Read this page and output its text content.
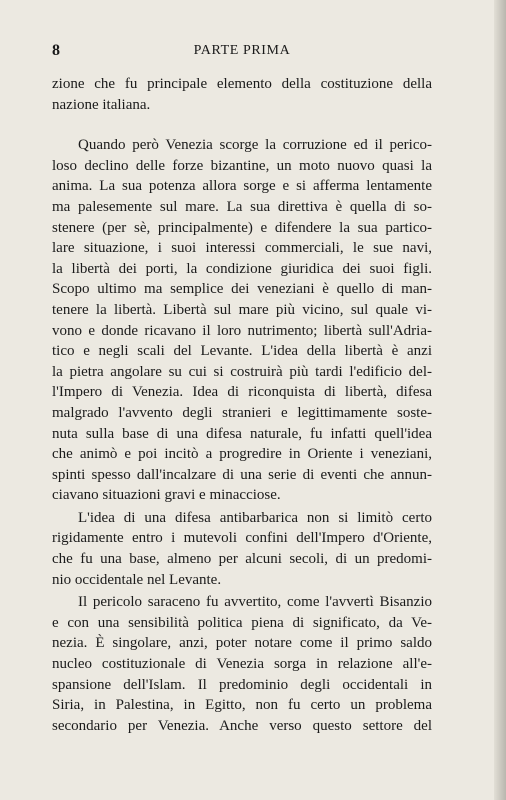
8	PARTE PRIMA
zione che fu principale elemento della costituzione della
nazione italiana.
Quando però Venezia scorge la corruzione ed il perico-
loso declino delle forze bizantine, un moto nuovo quasi la
anima. La sua potenza allora sorge e si afferma lentamente
ma palesemente sul mare. La sua direttiva è quella di so-
stenere (per sè, principalmente) e difendere la sua partico-
lare situazione, i suoi interessi commerciali, le sue navi,
la libertà dei porti, la condizione giuridica dei suoi figli.
Scopo ultimo ma semplice dei veneziani è quello di man-
tenere la libertà. Libertà sul mare più vicino, sul quale vi-
vono e donde ricavano il loro nutrimento; libertà sull'Adria-
tico e negli scali del Levante. L'idea della libertà è anzi
la pietra angolare su cui si costruirà più tardi l'edificio del-
l'Impero di Venezia. Idea di riconquista di libertà, difesa
malgrado l'avvento degli stranieri e legittimamente soste-
nuta sulla base di una difesa naturale, fu infatti quell'idea
che animò e poi incitò a progredire in Oriente i veneziani,
spinti spesso dall'incalzare di una serie di eventi che annun-
ciavano situazioni gravi e minacciose.
L'idea di una difesa antibarbarica non si limitò certo
rigidamente entro i mutevoli confini dell'Impero d'Oriente,
che fu una base, almeno per alcuni secoli, di un predomi-
nio occidentale nel Levante.
Il pericolo saraceno fu avvertito, come l'avvertì Bisanzio
e con una sensibilità politica piena di significato, da Ve-
nezia. È singolare, anzi, poter notare come il primo saldo
nucleo costituzionale di Venezia sorga in relazione all'e-
spansione dell'Islam. Il predominio degli occidentali in
Siria, in Palestina, in Egitto, non fu certo un problema
secondario per Venezia. Anche verso questo settore del
